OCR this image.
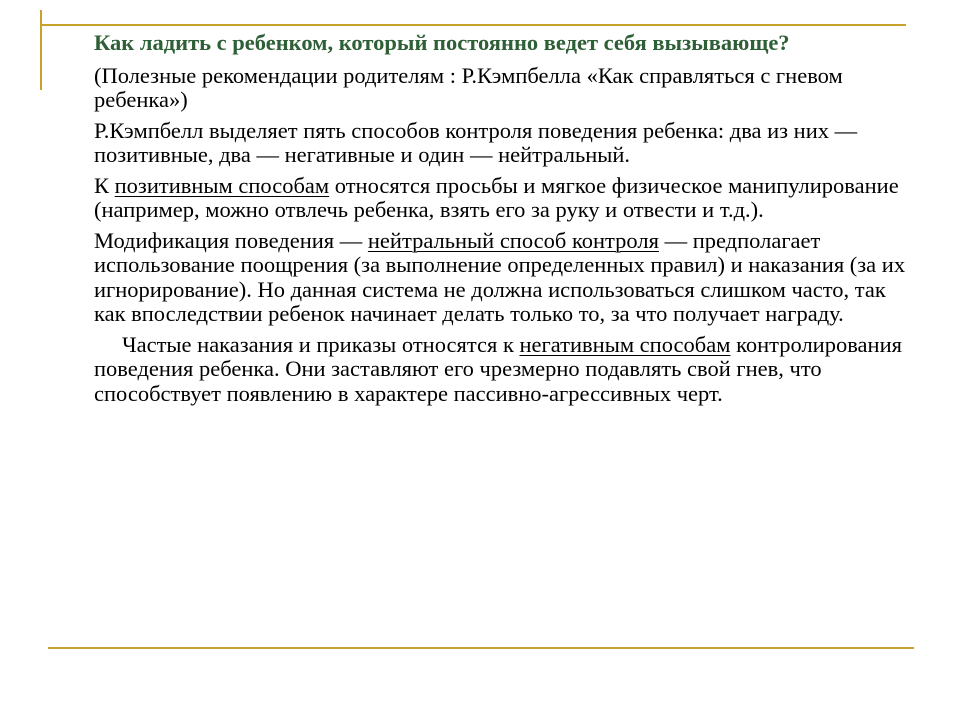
Как ладить с ребенком, который постоянно ведет себя вызывающе?

(Полезные рекомендации родителям : Р.Кэмпбелла «Как справляться с гневом ребенка»)

Р.Кэмпбелл выделяет пять способов контроля поведения ребенка: два из них — позитивные, два — негативные и один — нейтральный.

К позитивным способам относятся просьбы и мягкое физическое манипулирование (например, можно отвлечь ребенка, взять его за руку и отвести и т.д.).

Модификация поведения — нейтральный способ контроля — предполагает использование поощрения (за выполнение определенных правил) и наказания (за их игнорирование). Но данная система не должна использоваться слишком часто, так как впоследствии ребенок начинает делать только то, за что получает награду.

Частые наказания и приказы относятся к негативным способам контролирования поведения ребенка. Они заставляют его чрезмерно подавлять свой гнев, что способствует появлению в характере пассивно-агрессивных черт.
